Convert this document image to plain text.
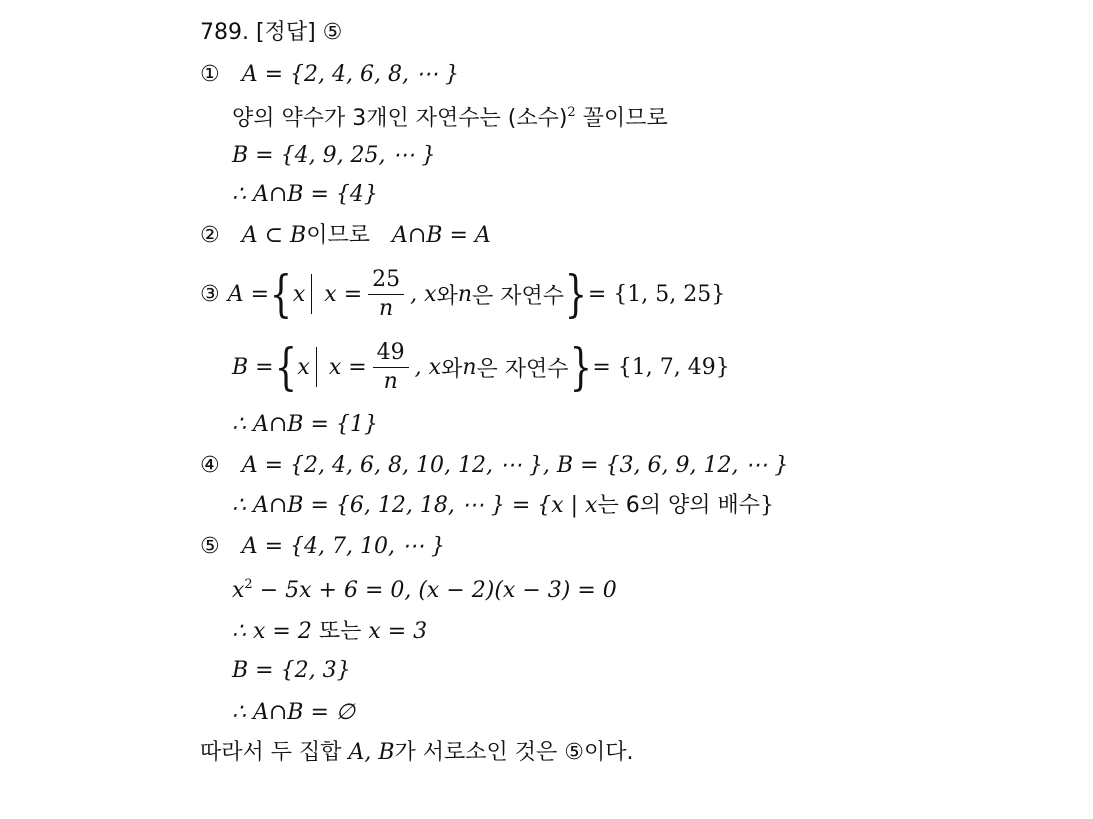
789. [정답] ⑤
① A = {2, 4, 6, 8, ⋯ }
양의 약수가 3개인 자연수는 (소수)$^2$ 꼴이므로
B = {4, 9, 25, ⋯ }
∴ A∩B = {4}
② A ⊂ B이므로 A∩B = A
③ A = { x $x = \frac{25}{n}$ , x 와 n 은 자연수 } = {1, 5, 25}
B = { x $x = \frac{49}{n}$ , x 와 n 은 자연수 } = {1, 7, 49}
∴ A∩B = {1}
④ A = {2, 4, 6, 8, 10, 12, ⋯ }, B = {3, 6, 9, 12, ⋯ }
∴ A∩B = {6, 12, 18, ⋯ } = {x | x는 6의 양의 배수}
⑤ A = {4, 7, 10, ⋯ }
$x^2 - 5x + 6 = 0$, (x − 2)(x − 3) = 0
∴ x = 2 또는 x = 3
B = {2, 3}
∴ A∩B = ∅
따라서 두 집합 A, B가 서로소인 것은 ⑤이다.
